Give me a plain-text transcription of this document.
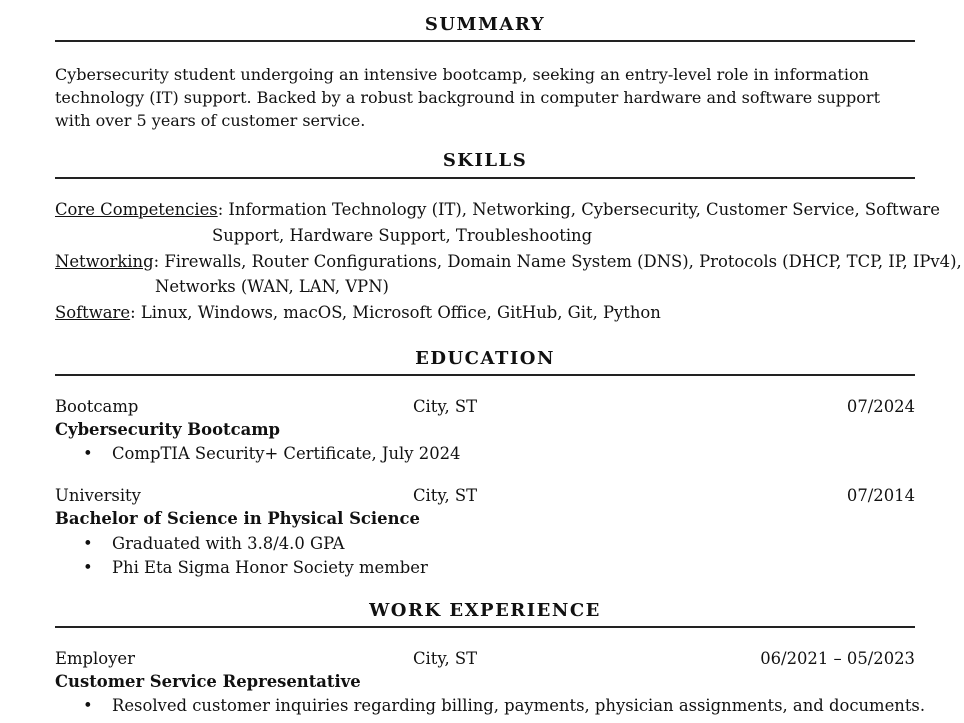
SUMMARY
Cybersecurity student undergoing an intensive bootcamp, seeking an entry-level role in information technology (IT) support. Backed by a robust background in computer hardware and software support with over 5 years of customer service.
SKILLS
Core Competencies: Information Technology (IT), Networking, Cybersecurity, Customer Service, Software
Support, Hardware Support, Troubleshooting
Networking: Firewalls, Router Configurations, Domain Name System (DNS), Protocols (DHCP, TCP, IP, IPv4),
Networks (WAN, LAN, VPN)
Software: Linux, Windows, macOS, Microsoft Office, GitHub, Git, Python
EDUCATION
Bootcamp	City, ST	07/2024
Cybersecurity Bootcamp
• CompTIA Security+ Certificate, July 2024
University	City, ST	07/2014
Bachelor of Science in Physical Science
• Graduated with 3.8/4.0 GPA
• Phi Eta Sigma Honor Society member
WORK EXPERIENCE
Employer	City, ST	06/2021 – 05/2023
Customer Service Representative
• Resolved customer inquiries regarding billing, payments, physician assignments, and documents.
